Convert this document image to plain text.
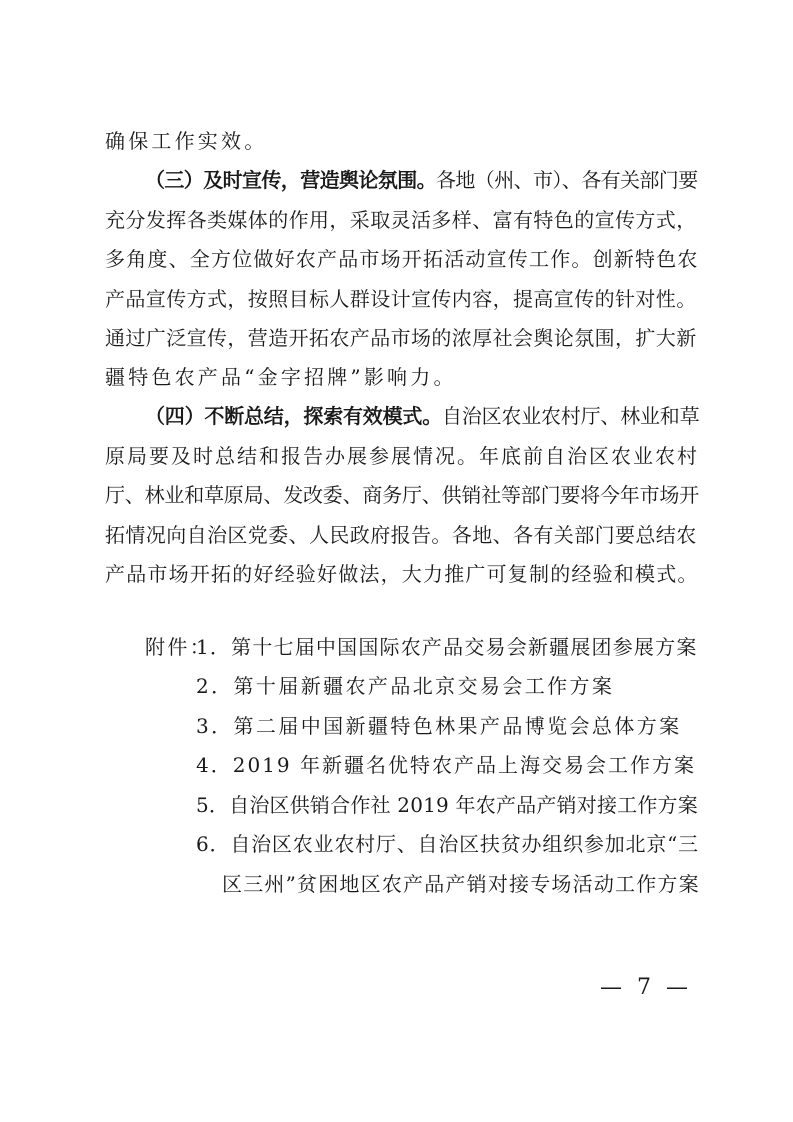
确保工作实效。
（三）及时宣传，营造舆论氛围。各地（州、市）、各有关部门要
充分发挥各类媒体的作用，采取灵活多样、富有特色的宣传方式，
多角度、全方位做好农产品市场开拓活动宣传工作。创新特色农
产品宣传方式，按照目标人群设计宣传内容，提高宣传的针对性。
通过广泛宣传，营造开拓农产品市场的浓厚社会舆论氛围，扩大新
疆特色农产品“金字招牌”影响力。
（四）不断总结，探索有效模式。自治区农业农村厅、林业和草
原局要及时总结和报告办展参展情况。年底前自治区农业农村
厅、林业和草原局、发改委、商务厅、供销社等部门要将今年市场开
拓情况向自治区党委、人民政府报告。各地、各有关部门要总结农
产品市场开拓的好经验好做法，大力推广可复制的经验和模式。
附件：
1．第十七届中国国际农产品交易会新疆展团参展方案
2．第十届新疆农产品北京交易会工作方案
3．第二届中国新疆特色林果产品博览会总体方案
4．2019 年新疆名优特农产品上海交易会工作方案
5．自治区供销合作社 2019 年农产品产销对接工作方案
6．自治区农业农村厅、自治区扶贫办组织参加北京“三
区三州”贫困地区农产品产销对接专场活动工作方案
— 7 —
